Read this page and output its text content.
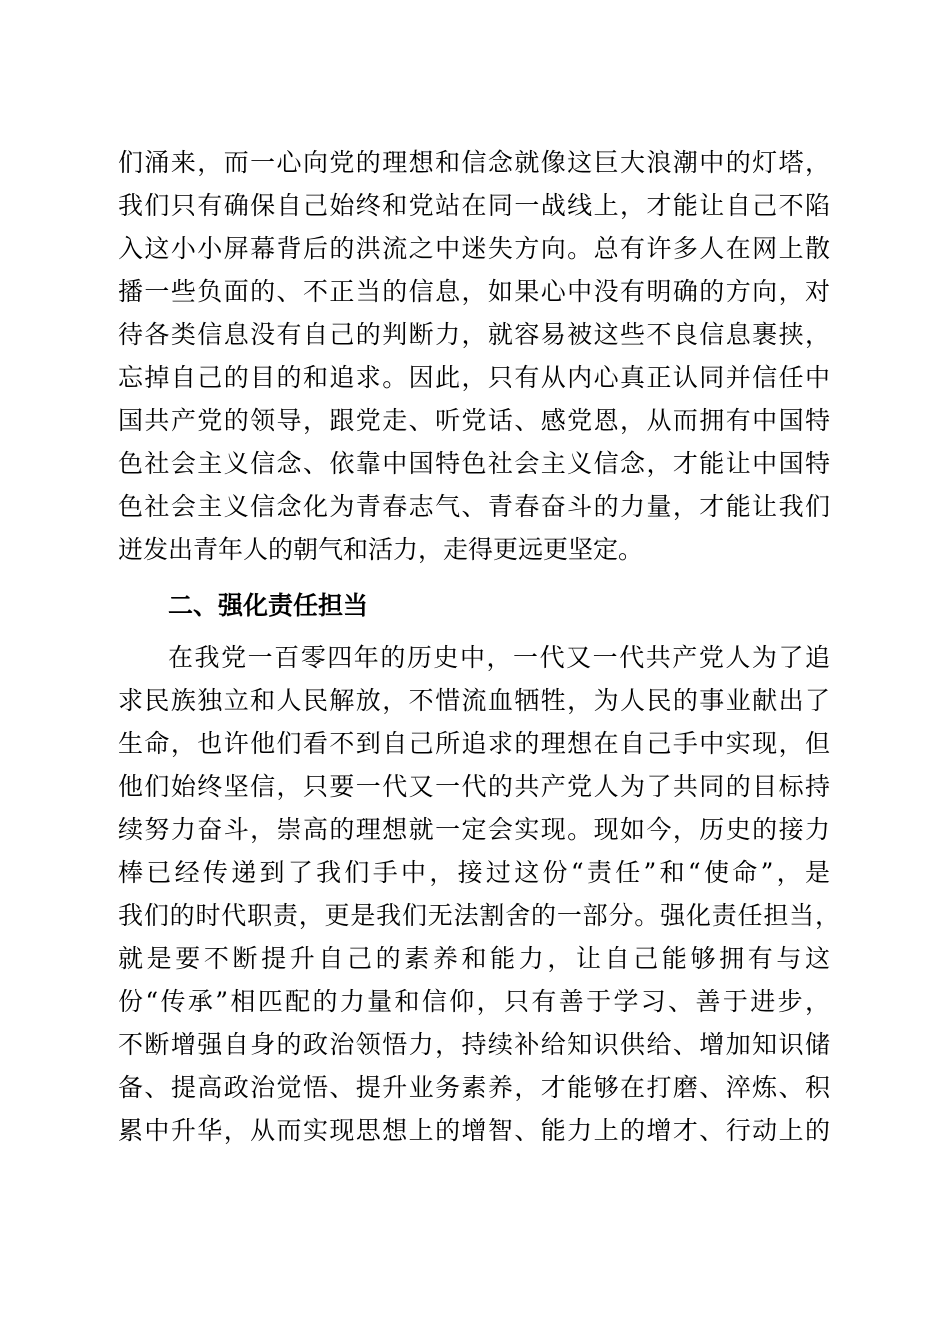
们涌来，而一心向党的理想和信念就像这巨大浪潮中的灯塔，
我们只有确保自己始终和党站在同一战线上，才能让自己不陷
入这小小屏幕背后的洪流之中迷失方向。总有许多人在网上散
播一些负面的、不正当的信息，如果心中没有明确的方向，对
待各类信息没有自己的判断力，就容易被这些不良信息裹挟，
忘掉自己的目的和追求。因此，只有从内心真正认同并信任中
国共产党的领导，跟党走、听党话、感党恩，从而拥有中国特
色社会主义信念、依靠中国特色社会主义信念，才能让中国特
色社会主义信念化为青春志气、青春奋斗的力量，才能让我们
迸发出青年人的朝气和活力，走得更远更坚定。
二、强化责任担当
在我党一百零四年的历史中，一代又一代共产党人为了追
求民族独立和人民解放，不惜流血牺牲，为人民的事业献出了
生命，也许他们看不到自己所追求的理想在自己手中实现，但
他们始终坚信，只要一代又一代的共产党人为了共同的目标持
续努力奋斗，崇高的理想就一定会实现。现如今，历史的接力
棒已经传递到了我们手中，接过这份“责任”和“使命”，是
我们的时代职责，更是我们无法割舍的一部分。强化责任担当，
就是要不断提升自己的素养和能力，让自己能够拥有与这
份“传承”相匹配的力量和信仰，只有善于学习、善于进步，
不断增强自身的政治领悟力，持续补给知识供给、增加知识储
备、提高政治觉悟、提升业务素养，才能够在打磨、淬炼、积
累中升华，从而实现思想上的增智、能力上的增才、行动上的
